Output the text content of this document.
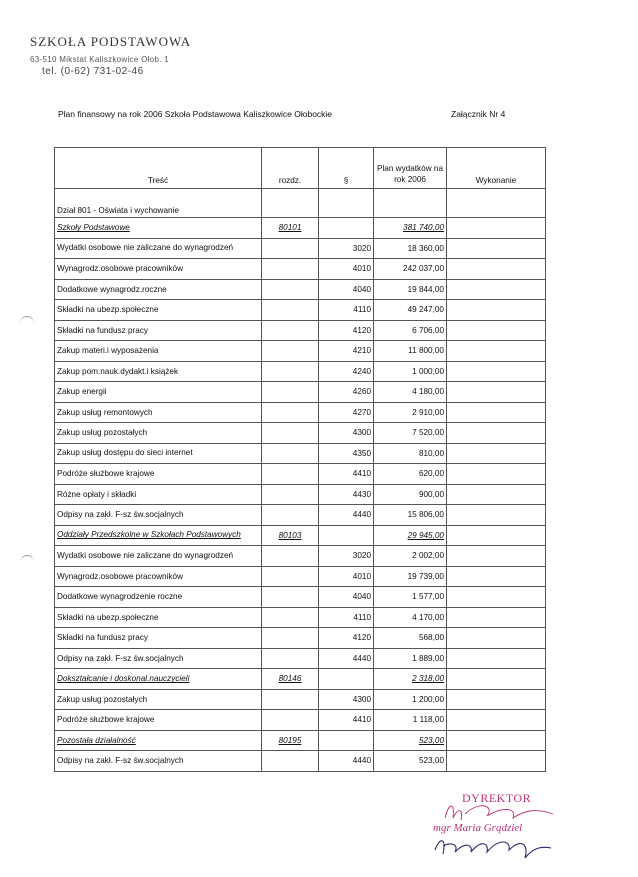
SZKOŁA PODSTAWOWA
63-510 Mikstat Kaliszkowice Ołob. 1
tel. (0-62) 731-02-46
Plan finansowy na rok 2006 Szkoła Podstawowa Kaliszkowice Ołobockie	Załącznik Nr 4
Treść	rozdz.	§	Plan wydatków na rok 2006	Wykonanie
Dział 801 - Oświata i wychowanie				
Szkoły Podstawowe	80101		381 740,00	
Wydatki osobowe nie zaliczane do wynagrodzeń		3020	18 360,00	
Wynagrodz.osobowe pracowników		4010	242 037,00	
Dodatkowe wynagrodz.roczne		4040	19 844,00	
Składki na ubezp.społeczne		4110	49 247,00	
Składki na fundusz pracy		4120	6 706,00	
Zakup materi.i wyposażenia		4210	11 800,00	
Zakup pom.nauk.dydakt.i książek		4240	1 000,00	
Zakup energii		4260	4 180,00	
Zakup usług remontowych		4270	2 910,00	
Zakup usług pozostałych		4300	7 520,00	
Zakup usług dostępu do sieci internet		4350	810,00	
Podróże służbowe krajowe		4410	620,00	
Różne opłaty i składki		4430	900,00	
Odpisy na zakł. F-sz św.socjalnych		4440	15 806,00	
Oddziały Przedszkolne w Szkołach Podstawowych	80103		29 945,00	
Wydatki osobowe nie zaliczane do wynagrodzeń		3020	2 002,00	
Wynagrodz.osobowe pracowników		4010	19 739,00	
Dodatkowe wynagrodzenie roczne		4040	1 577,00	
Składki na ubezp.społeczne		4110	4 170,00	
Składki na fundusz pracy		4120	568,00	
Odpisy na zakł. F-sz św.socjalnych		4440	1 889,00	
Dokształcanie i doskonal.nauczycieli	80146		2 318,00	
Zakup usług pozostałych		4300	1 200,00	
Podróże służbowe krajowe		4410	1 118,00	
Pozostała działalność	80195		523,00	
Odpisy na zakł. F-sz św.socjalnych		4440	523,00	
DYREKTOR
mgr Maria Grądziel
